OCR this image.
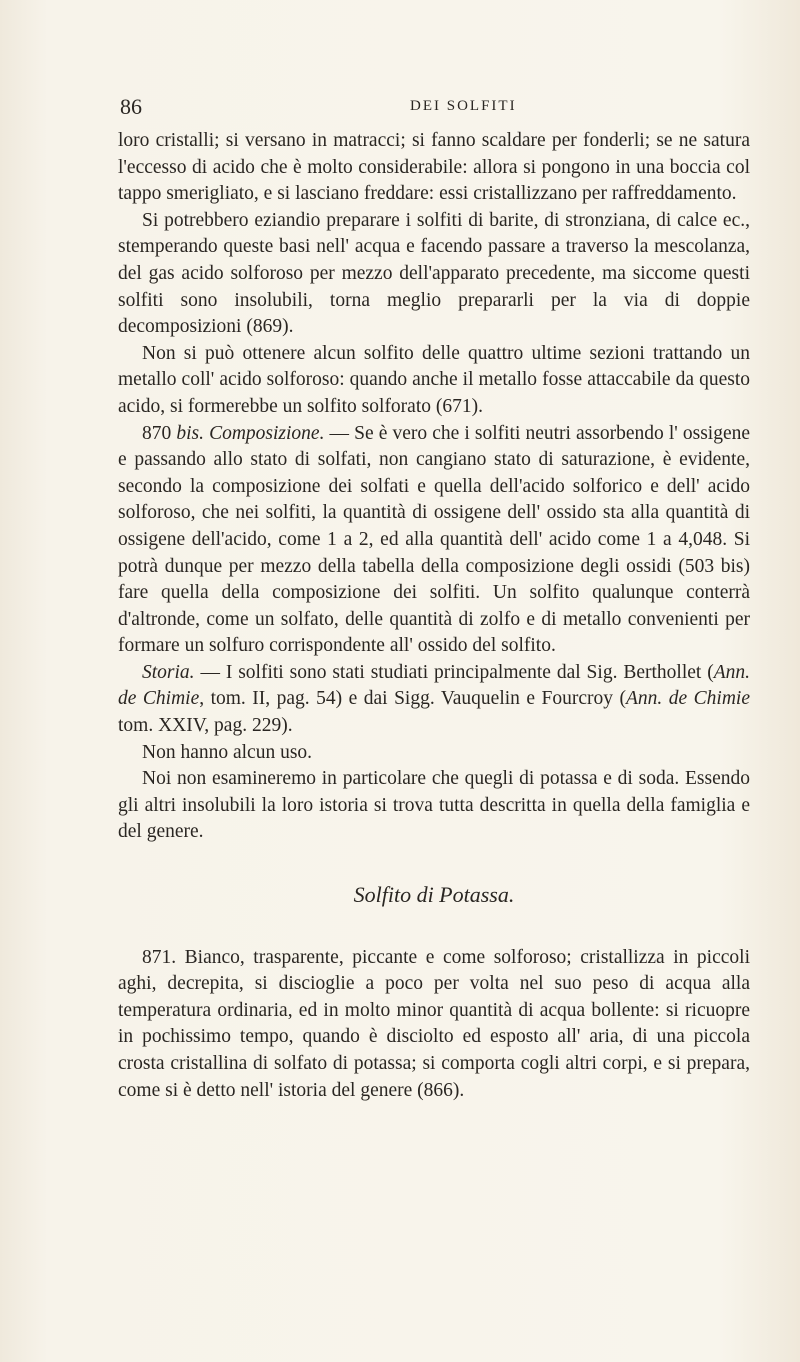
86	DEI SOLFITI

loro cristalli; si versano in matracci; si fanno scaldare per fonderli; se ne satura l'eccesso di acido che è molto considerabile: allora si pongono in una boccia col tappo smerigliato, e si lasciano freddare: essi cristallizzano per raffreddamento.

Si potrebbero eziandio preparare i solfiti di barite, di stronziana, di calce ec., stemperando queste basi nell' acqua e facendo passare a traverso la mescolanza, del gas acido solforoso per mezzo dell'apparato precedente, ma siccome questi solfiti sono insolubili, torna meglio prepararli per la via di doppie decomposizioni (869).

Non si può ottenere alcun solfito delle quattro ultime sezioni trattando un metallo coll' acido solforoso: quando anche il metallo fosse attaccabile da questo acido, si formerebbe un solfito solforato (671).

870 bis. Composizione. — Se è vero che i solfiti neutri assorbendo l' ossigene e passando allo stato di solfati, non cangiano stato di saturazione, è evidente, secondo la composizione dei solfati e quella dell'acido solforico e dell' acido solforoso, che nei solfiti, la quantità di ossigene dell' ossido sta alla quantità di ossigene dell'acido, come 1 a 2, ed alla quantità dell' acido come 1 a 4,048. Si potrà dunque per mezzo della tabella della composizione degli ossidi (503 bis) fare quella della composizione dei solfiti. Un solfito qualunque conterrà d'altronde, come un solfato, delle quantità di zolfo e di metallo convenienti per formare un solfuro corrispondente all' ossido del solfito.

Storia. — I solfiti sono stati studiati principalmente dal Sig. Berthollet (Ann. de Chimie, tom. II, pag. 54) e dai Sigg. Vauquelin e Fourcroy (Ann. de Chimie tom. XXIV, pag. 229).

Non hanno alcun uso.

Noi non esamineremo in particolare che quegli di potassa e di soda. Essendo gli altri insolubili la loro istoria si trova tutta descritta in quella della famiglia e del genere.

Solfito di Potassa.

871. Bianco, trasparente, piccante e come solforoso; cristallizza in piccoli aghi, decrepita, si discioglie a poco per volta nel suo peso di acqua alla temperatura ordinaria, ed in molto minor quantità di acqua bollente: si ricuopre in pochissimo tempo, quando è disciolto ed esposto all' aria, di una piccola crosta cristallina di solfato di potassa; si comporta cogli altri corpi, e si prepara, come si è detto nell' istoria del genere (866).
